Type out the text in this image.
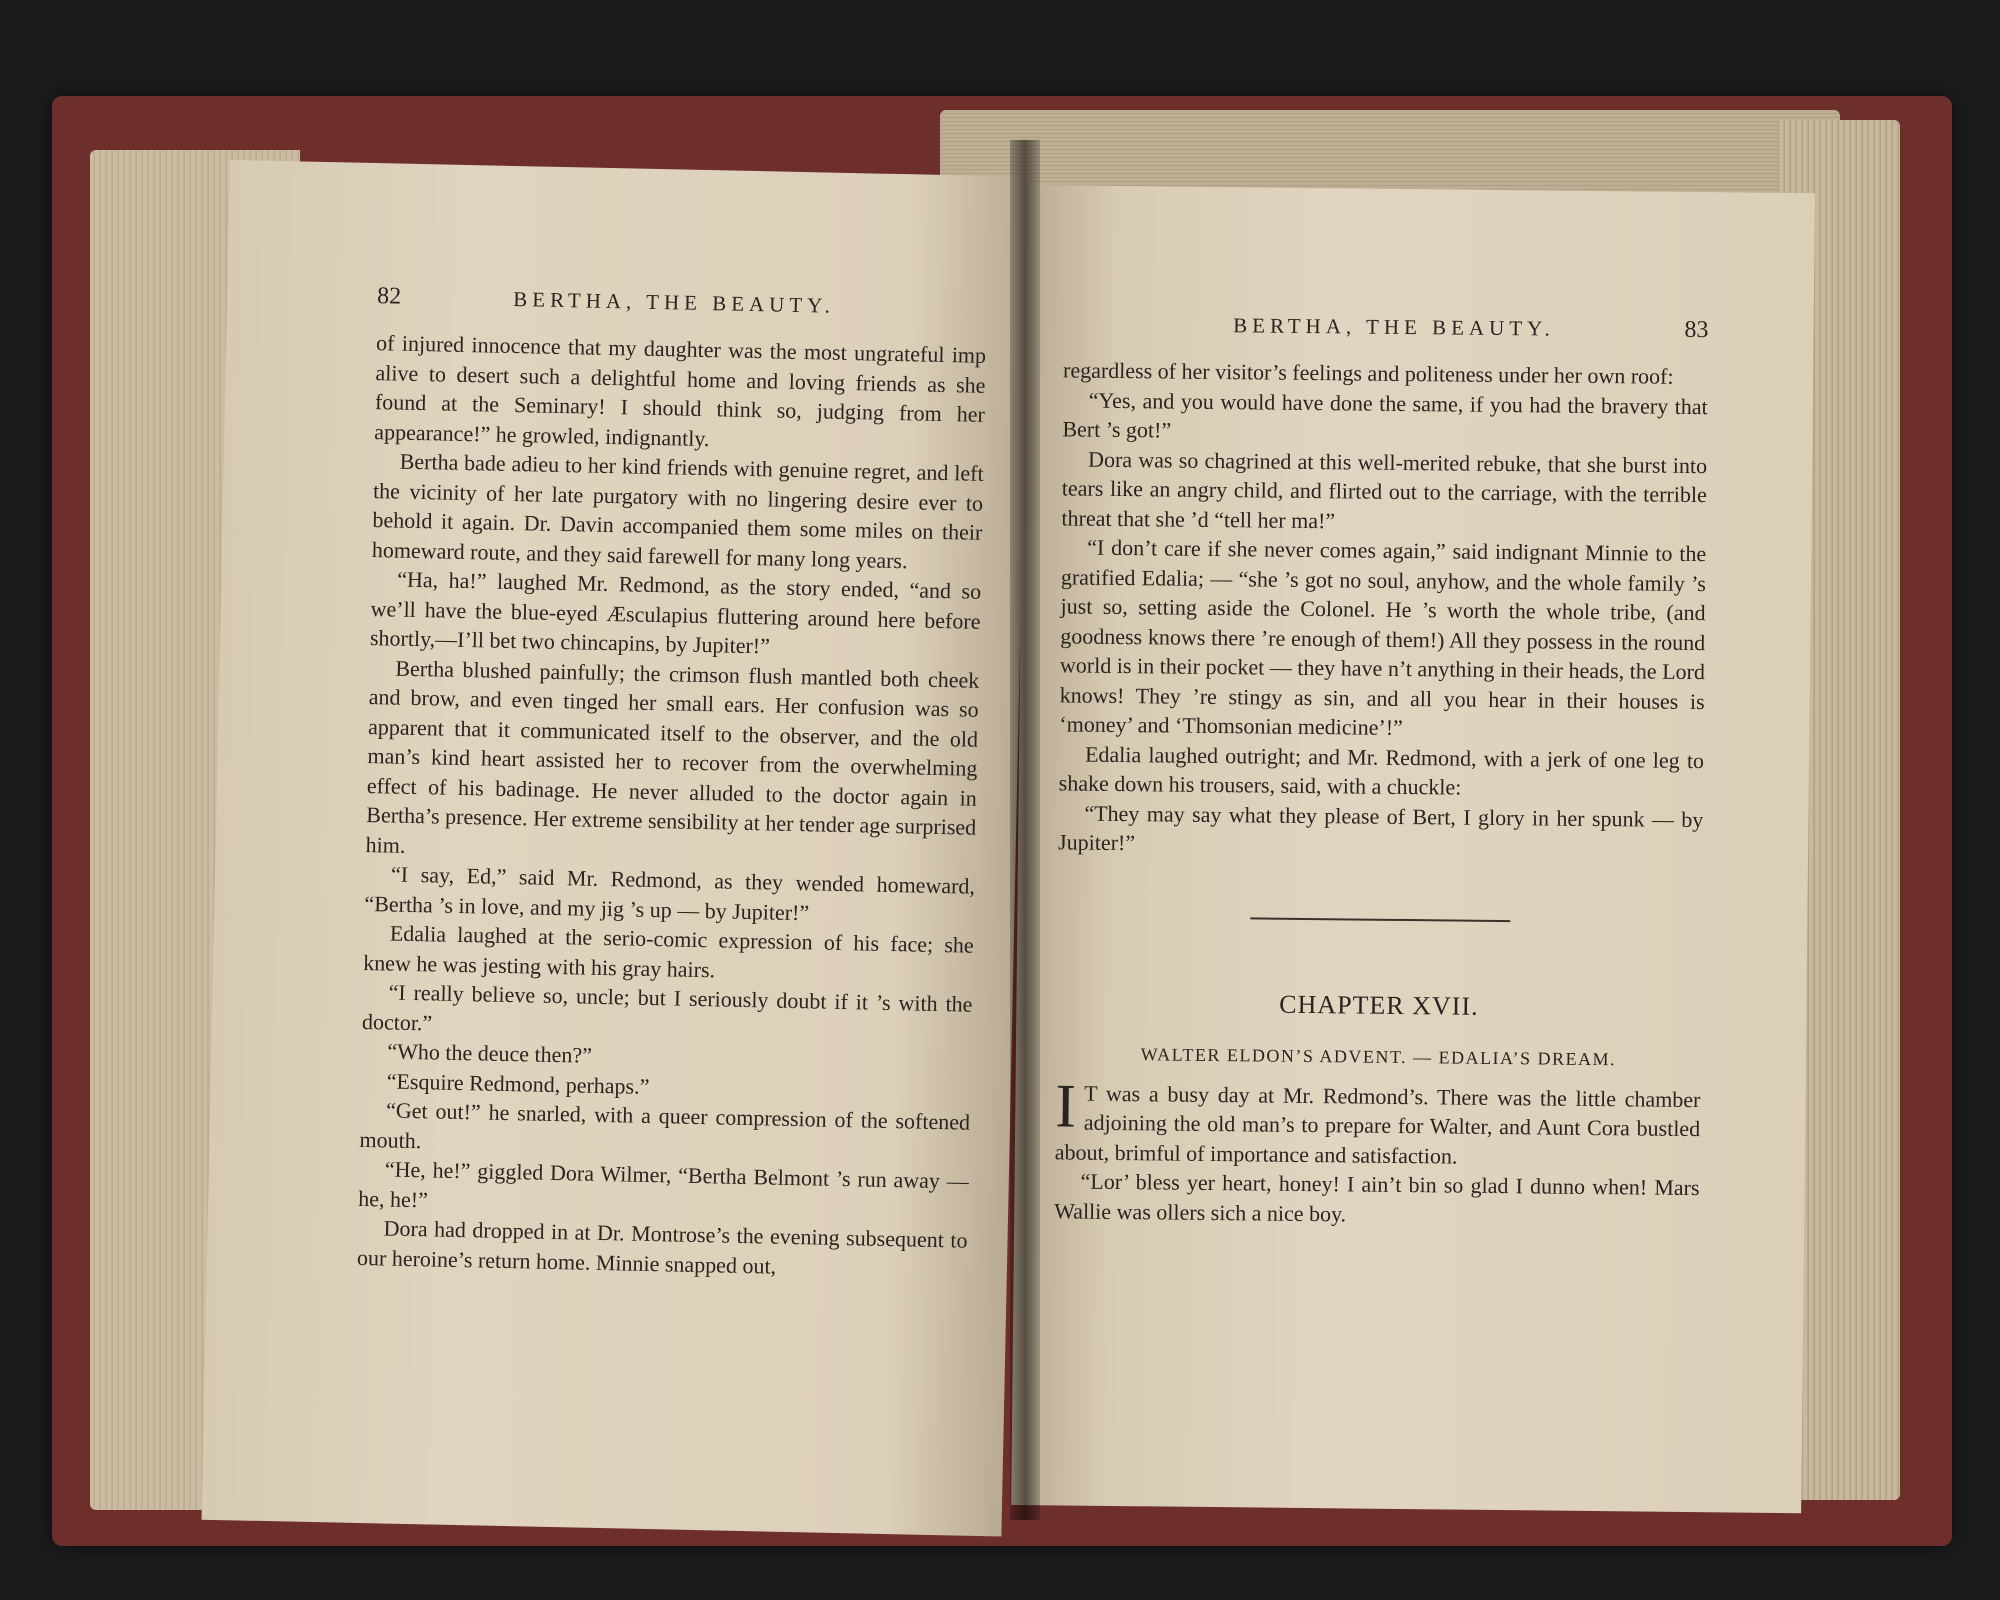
82	BERTHA, THE BEAUTY.

of injured innocence that my daughter was the most ungrateful imp alive to desert such a delightful home and loving friends as she found at the Seminary! I should think so, judging from her appearance!” he growled, indignantly.

Bertha bade adieu to her kind friends with genuine regret, and left the vicinity of her late purgatory with no lingering desire ever to behold it again. Dr. Davin accompanied them some miles on their homeward route, and they said farewell for many long years.

“Ha, ha!” laughed Mr. Redmond, as the story ended, “and so we’ll have the blue-eyed Æsculapius fluttering around here before shortly,—I’ll bet two chincapins, by Jupiter!”

Bertha blushed painfully; the crimson flush mantled both cheek and brow, and even tinged her small ears. Her confusion was so apparent that it communicated itself to the observer, and the old man’s kind heart assisted her to recover from the overwhelming effect of his badinage. He never alluded to the doctor again in Bertha’s presence. Her extreme sensibility at her tender age surprised him.

“I say, Ed,” said Mr. Redmond, as they wended homeward, “Bertha ’s in love, and my jig ’s up — by Jupiter!”

Edalia laughed at the serio-comic expression of his face; she knew he was jesting with his gray hairs.

“I really believe so, uncle; but I seriously doubt if it ’s with the doctor.”

“Who the deuce then?”

“Esquire Redmond, perhaps.”

“Get out!” he snarled, with a queer compression of the softened mouth.

“He, he!” giggled Dora Wilmer, “Bertha Belmont ’s run away — he, he!”

Dora had dropped in at Dr. Montrose’s the evening subsequent to our heroine’s return home. Minnie snapped out,

BERTHA, THE BEAUTY.	83

regardless of her visitor’s feelings and politeness under her own roof:

“Yes, and you would have done the same, if you had the bravery that Bert ’s got!”

Dora was so chagrined at this well-merited rebuke, that she burst into tears like an angry child, and flirted out to the carriage, with the terrible threat that she ’d “tell her ma!”

“I don’t care if she never comes again,” said indignant Minnie to the gratified Edalia; — “she ’s got no soul, anyhow, and the whole family ’s just so, setting aside the Colonel. He ’s worth the whole tribe, (and goodness knows there ’re enough of them!) All they possess in the round world is in their pocket — they have n’t anything in their heads, the Lord knows! They ’re stingy as sin, and all you hear in their houses is ‘money’ and ‘Thomsonian medicine’!”

Edalia laughed outright; and Mr. Redmond, with a jerk of one leg to shake down his trousers, said, with a chuckle:

“They may say what they please of Bert, I glory in her spunk — by Jupiter!”

CHAPTER XVII.
WALTER ELDON’S ADVENT. — EDALIA’S DREAM.

I T was a busy day at Mr. Redmond’s. There was the little chamber adjoining the old man’s to prepare for Walter, and Aunt Cora bustled about, brimful of importance and satisfaction.

“Lor’ bless yer heart, honey! I ain’t bin so glad I dunno when! Mars Wallie was ollers sich a nice boy.
